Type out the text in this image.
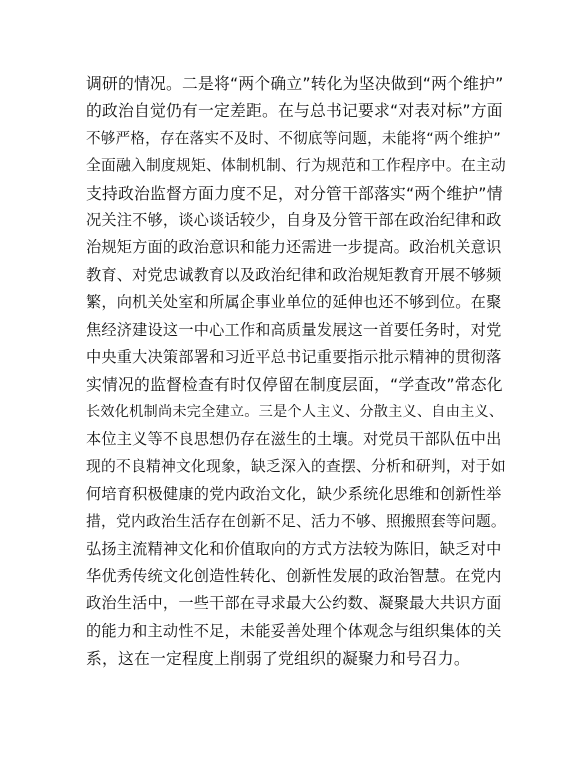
调研的情况。二是将“两个确立”转化为坚决做到“两个维护”
的政治自觉仍有一定差距。在与总书记要求“对表对标”方面
不够严格，存在落实不及时、不彻底等问题，未能将“两个维护”
全面融入制度规矩、体制机制、行为规范和工作程序中。在主动
支持政治监督方面力度不足，对分管干部落实“两个维护”情
况关注不够，谈心谈话较少，自身及分管干部在政治纪律和政
治规矩方面的政治意识和能力还需进一步提高。政治机关意识
教育、对党忠诚教育以及政治纪律和政治规矩教育开展不够频
繁，向机关处室和所属企事业单位的延伸也还不够到位。在聚
焦经济建设这一中心工作和高质量发展这一首要任务时，对党
中央重大决策部署和习近平总书记重要指示批示精神的贯彻落
实情况的监督检查有时仅停留在制度层面，“学查改”常态化
长效化机制尚未完全建立。三是个人主义、分散主义、自由主义、
本位主义等不良思想仍存在滋生的土壤。对党员干部队伍中出
现的不良精神文化现象，缺乏深入的查摆、分析和研判，对于如
何培育积极健康的党内政治文化，缺少系统化思维和创新性举
措，党内政治生活存在创新不足、活力不够、照搬照套等问题。
弘扬主流精神文化和价值取向的方式方法较为陈旧，缺乏对中
华优秀传统文化创造性转化、创新性发展的政治智慧。在党内
政治生活中，一些干部在寻求最大公约数、凝聚最大共识方面
的能力和主动性不足，未能妥善处理个体观念与组织集体的关
系，这在一定程度上削弱了党组织的凝聚力和号召力。
